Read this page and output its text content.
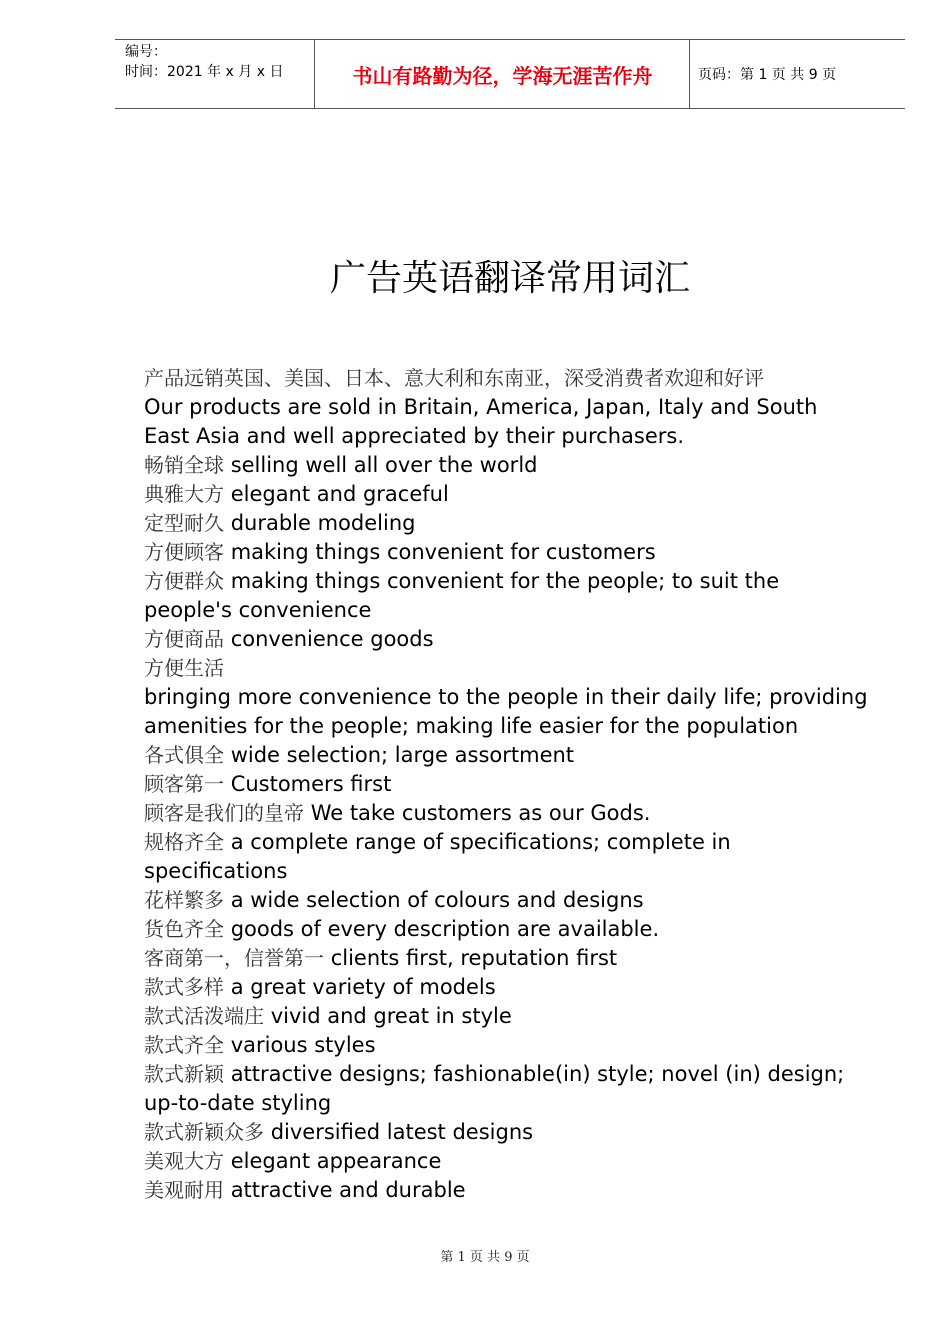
编号：
时间：2021 年 x 月 x 日	书山有路勤为径，学海无涯苦作舟	页码：第 1 页 共 9 页
广告英语翻译常用词汇
产品远销英国、美国、日本、意大利和东南亚，深受消费者欢迎和好评
Our products are sold in Britain, America, Japan, Italy and South East Asia and well appreciated by their purchasers.
畅销全球 selling well all over the world
典雅大方 elegant and graceful
定型耐久 durable modeling
方便顾客 making things convenient for customers
方便群众 making things convenient for the people; to suit the people's convenience
方便商品 convenience goods
方便生活
bringing more convenience to the people in their daily life; providing amenities for the people; making life easier for the population
各式俱全 wide selection; large assortment
顾客第一 Customers first
顾客是我们的皇帝 We take customers as our Gods.
规格齐全 a complete range of specifications; complete in specifications
花样繁多 a wide selection of colours and designs
货色齐全 goods of every description are available.
客商第一，信誉第一 clients first, reputation first
款式多样 a great variety of models
款式活泼端庄 vivid and great in style
款式齐全 various styles
款式新颖 attractive designs; fashionable(in) style; novel (in) design; up-to-date styling
款式新颖众多 diversified latest designs
美观大方 elegant appearance
美观耐用 attractive and durable
第 1 页 共 9 页
